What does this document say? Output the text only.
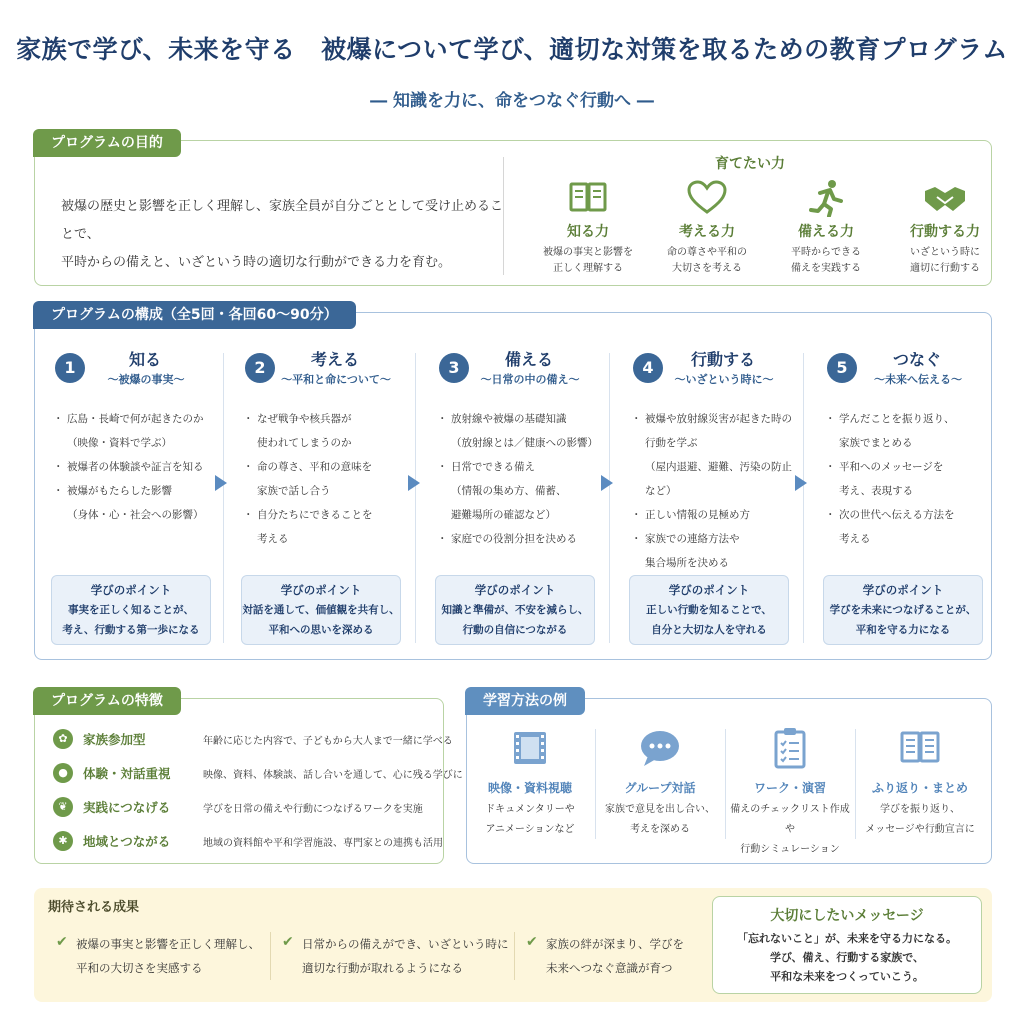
家族で学び、未来を守る　被爆について学び、適切な対策を取るための教育プログラム
― 知識を力に、命をつなぐ行動へ ―
プログラムの目的
被爆の歴史と影響を正しく理解し、家族全員が自分ごととして受け止めることで、
平時からの備えと、いざという時の適切な行動ができる力を育む。
育てたい力
知る力
被爆の事実と影響を
正しく理解する
考える力
命の尊さや平和の
大切さを考える
備える力
平時からできる
備えを実践する
行動する力
いざという時に
適切に行動する
プログラムの構成（全5回・各回60〜90分）
1	知る
〜被爆の事実〜
・ 広島・長崎で何が起きたのか
（映像・資料で学ぶ）
・ 被爆者の体験談や証言を知る
・ 被爆がもたらした影響
（身体・心・社会への影響）
学びのポイント
事実を正しく知ることが、
考え、行動する第一歩になる
2	考える
〜平和と命について〜
・ なぜ戦争や核兵器が
使われてしまうのか
・ 命の尊さ、平和の意味を
家族で話し合う
・ 自分たちにできることを
考える
学びのポイント
対話を通して、価値観を共有し、
平和への思いを深める
3	備える
〜日常の中の備え〜
・ 放射線や被爆の基礎知識
（放射線とは／健康への影響）
・ 日常でできる備え
（情報の集め方、備蓄、
避難場所の確認など）
・ 家庭での役割分担を決める
学びのポイント
知識と準備が、不安を減らし、
行動の自信につながる
4	行動する
〜いざという時に〜
・ 被爆や放射線災害が起きた時の
行動を学ぶ
（屋内退避、避難、汚染の防止など）
・ 正しい情報の見極め方
・ 家族での連絡方法や
集合場所を決める
学びのポイント
正しい行動を知ることで、
自分と大切な人を守れる
5	つなぐ
〜未来へ伝える〜
・ 学んだことを振り返り、
家族でまとめる
・ 平和へのメッセージを
考え、表現する
・ 次の世代へ伝える方法を
考える
学びのポイント
学びを未来につなげることが、
平和を守る力になる
プログラムの特徴
✿	家族参加型	年齢に応じた内容で、子どもから大人まで一緒に学べる
●	体験・対話重視	映像、資料、体験談、話し合いを通して、心に残る学びに
❦	実践につなげる	学びを日常の備えや行動につなげるワークを実施
✱	地域とつながる	地域の資料館や平和学習施設、専門家との連携も活用
学習方法の例
映像・資料視聴
ドキュメンタリーや
アニメーションなど
グループ対話
家族で意見を出し合い、
考えを深める
ワーク・演習
備えのチェックリスト作成や
行動シミュレーション
ふり返り・まとめ
学びを振り返り、
メッセージや行動宣言に
期待される成果
✔ 被爆の事実と影響を正しく理解し、
平和の大切さを実感する
✔ 日常からの備えができ、いざという時に
適切な行動が取れるようになる
✔ 家族の絆が深まり、学びを
未来へつなぐ意識が育つ
大切にしたいメッセージ
「忘れないこと」が、未来を守る力になる。
学び、備え、行動する家族で、
平和な未来をつくっていこう。
